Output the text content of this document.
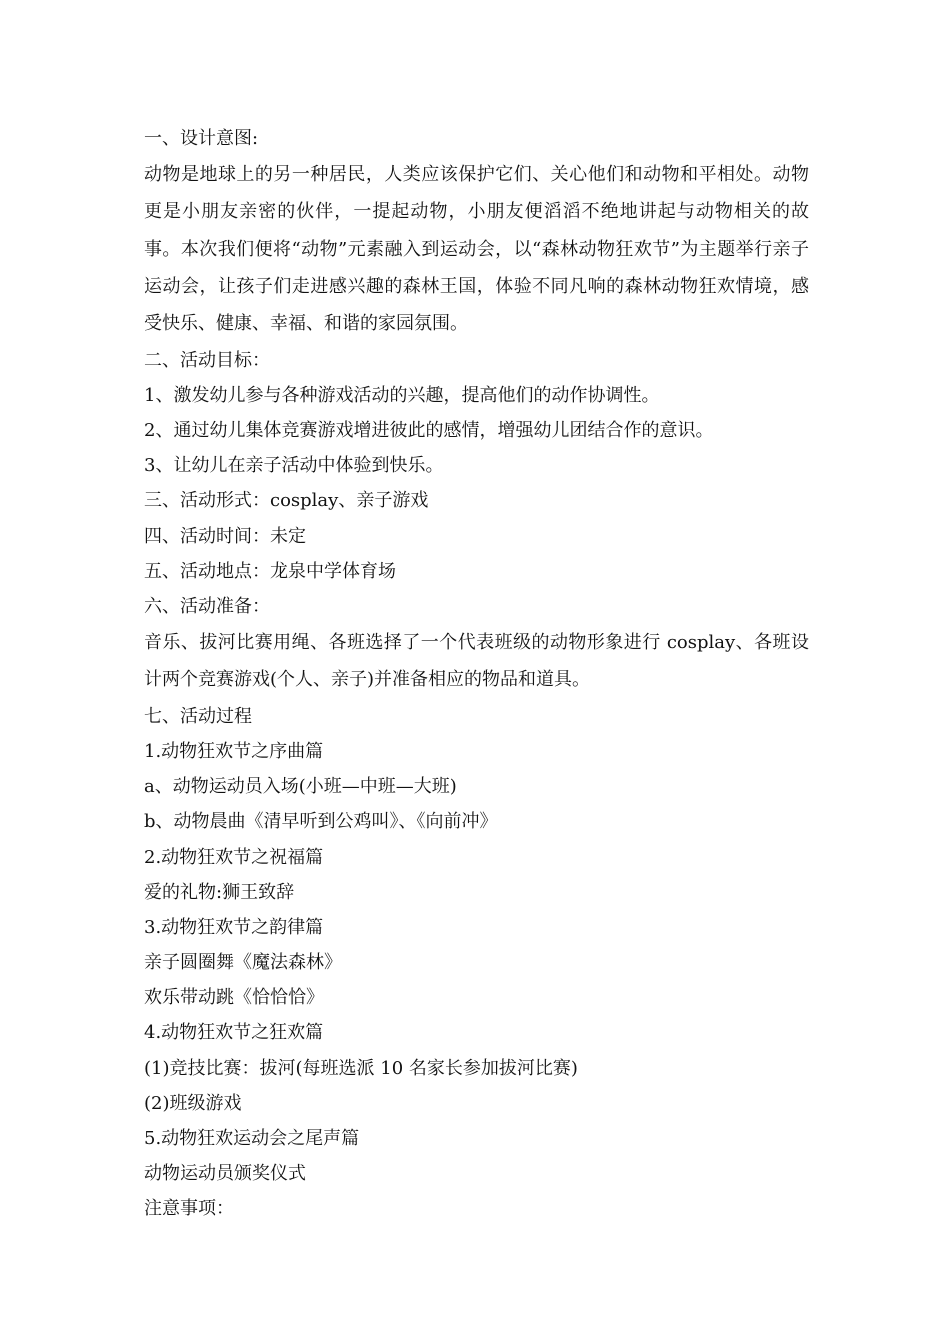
一、设计意图:
动物是地球上的另一种居民，人类应该保护它们、关心他们和动物和平相处。动物更是小朋友亲密的伙伴，一提起动物，小朋友便滔滔不绝地讲起与动物相关的故事。本次我们便将“动物”元素融入到运动会，以“森林动物狂欢节”为主题举行亲子运动会，让孩子们走进感兴趣的森林王国，体验不同凡响的森林动物狂欢情境，感受快乐、健康、幸福、和谐的家园氛围。
二、活动目标：
1、激发幼儿参与各种游戏活动的兴趣，提高他们的动作协调性。
2、通过幼儿集体竞赛游戏增进彼此的感情，增强幼儿团结合作的意识。
3、让幼儿在亲子活动中体验到快乐。
三、活动形式：cosplay、亲子游戏
四、活动时间：未定
五、活动地点：龙泉中学体育场
六、活动准备：
音乐、拔河比赛用绳、各班选择了一个代表班级的动物形象进行 cosplay、各班设计两个竞赛游戏(个人、亲子)并准备相应的物品和道具。
七、活动过程
1.动物狂欢节之序曲篇
a、动物运动员入场(小班—中班—大班)
b、动物晨曲《清早听到公鸡叫》、《向前冲》
2.动物狂欢节之祝福篇
爱的礼物:狮王致辞
3.动物狂欢节之韵律篇
亲子圆圈舞《魔法森林》
欢乐带动跳《恰恰恰》
4.动物狂欢节之狂欢篇
(1)竞技比赛：拔河(每班选派 10 名家长参加拔河比赛)
(2)班级游戏
5.动物狂欢运动会之尾声篇
动物运动员颁奖仪式
注意事项：
